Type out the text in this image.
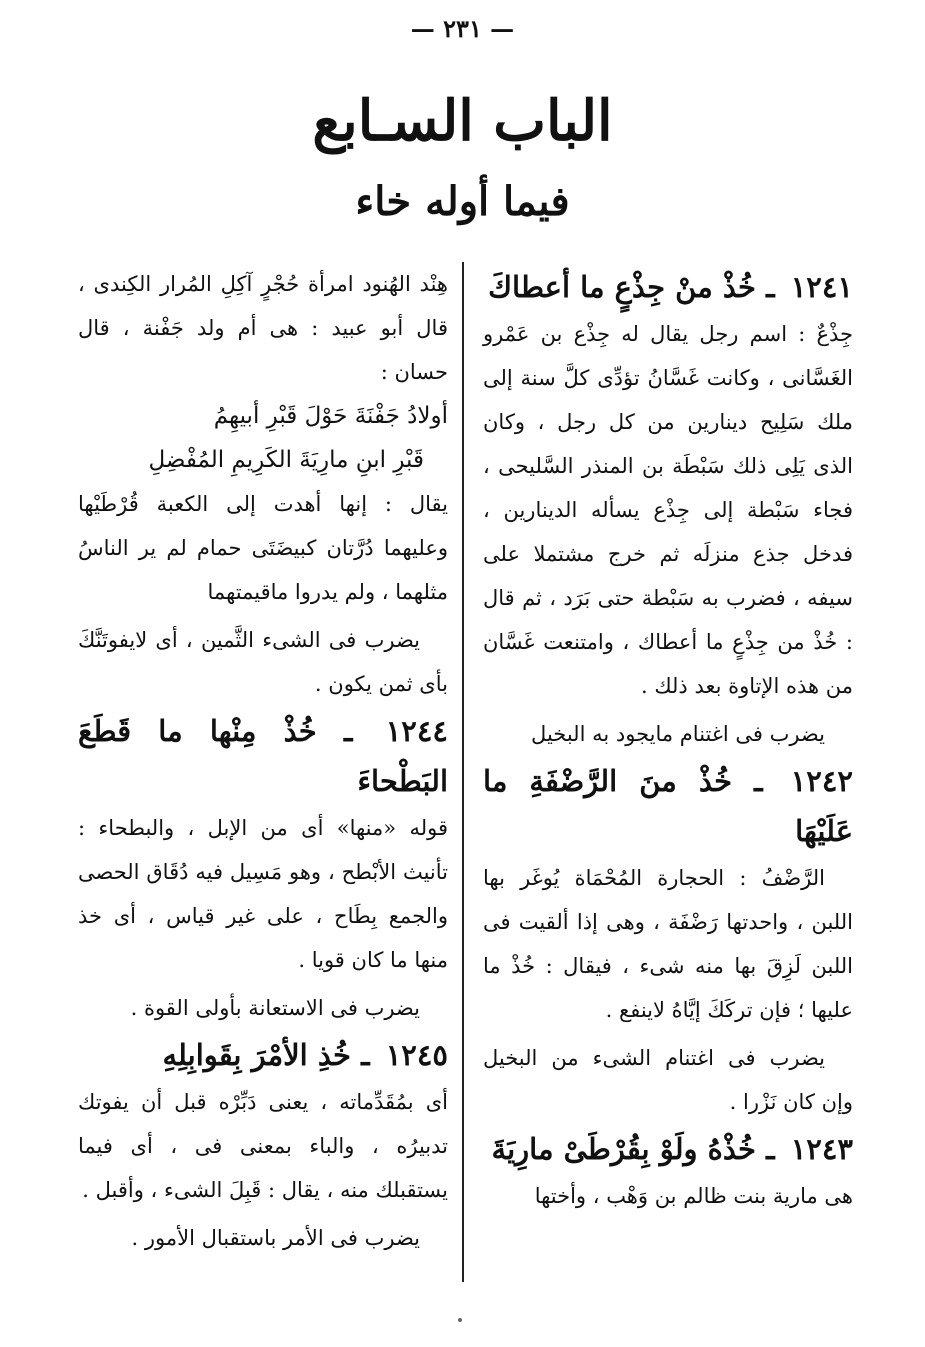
— ٢٣١ —
الباب السـابع
فيما أوله خاء

١٢٤١ ـ خُذْ منْ جِذْعٍ ما أعطاكَ

جِذْعٌ : اسم رجل يقال له جِذْع بن عَمْرو الغَسَّانى ، وكانت غَسَّانُ تؤدِّى كلَّ سنة إلى ملك سَلِيح دينارين من كل رجل ، وكان الذى يَلِى ذلك سَبْطَة بن المنذر السَّليحى ، فجاء سَبْطة إلى جِذْع يسأله الدينارين ، فدخل جذع منزلَه ثم خرج مشتملا على سيفه ، فضرب به سَبْطة حتى بَرَد ، ثم قال : خُذْ من جِذْعٍ ما أعطاك ، وامتنعت غَسَّان من هذه الإتاوة بعد ذلك .

يضرب فى اغتنام مايجود به البخيل

١٢٤٢ ـ خُذْ منَ الرَّضْفَةِ ما عَلَيْهَا

الرَّضْفُ : الحجارة المُحْمَاة يُوغَر بها اللبن ، واحدتها رَضْفَة ، وهى إذا ألقيت فى اللبن لَزِقَ بها منه شىء ، فيقال : خُذْ ما عليها ؛ فإن تركَكَ إيَّاهُ لاينفع .

يضرب فى اغتنام الشىء من البخيل وإن كان نَزْرا .

١٢٤٣ ـ خُذْهُ ولَوْ بِقُرْطَىْ مارِيَةَ

هى مارية بنت ظالم بن وَهْب ، وأختها

هِنْد الهُنود امرأة حُجْرٍ آكِلِ المُرار الكِندى ، قال أبو عبيد : هى أم ولد جَفْنة ، قال حسان :

أولادُ جَفْنَةَ حَوْلَ قَبْرِ أبيهِمُ

قَبْرِ ابنِ مارِيَةَ الكَرِيمِ المُفْضِلِ

يقال : إنها أهدت إلى الكعبة قُرْطَيْها وعليهما دُرَّتان كبيضَتَى حمام لم ير الناسُ مثلهما ، ولم يدروا ماقيمتهما

يضرب فى الشىء الثَّمين ، أى لايفوتَنَّكَ بأى ثمن يكون .

١٢٤٤ ـ خُذْ مِنْها ما قَطَعَ البَطْحاءَ

قوله «منها» أى من الإبل ، والبطحاء : تأنيث الأبْطح ، وهو مَسِيل فيه دُقَاق الحصى والجمع بِطَاح ، على غير قياس ، أى خذ منها ما كان قويا .

يضرب فى الاستعانة بأولى القوة .

١٢٤٥ ـ خُذِ الأمْرَ بِقَوابِلِهِ

أى بمُقَدِّماته ، يعنى دَبِّرْه قبل أن يفوتك تدبيرُه ، والباء بمعنى فى ، أى فيما يستقبلك منه ، يقال : قَبِلَ الشىء ، وأقبل .

يضرب فى الأمر باستقبال الأمور .
